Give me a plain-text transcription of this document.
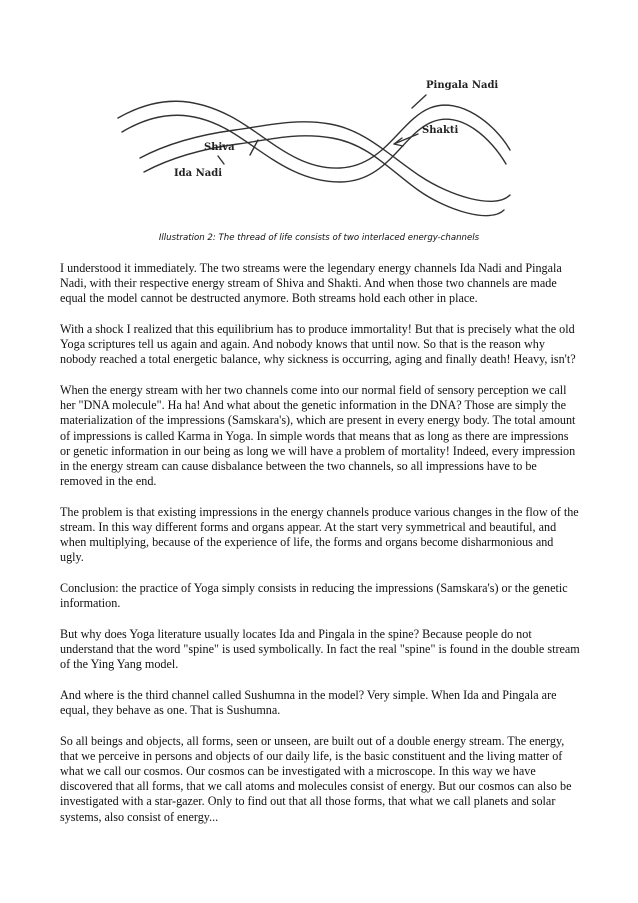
Pingala Nadi
Shakti
Shiva
Ida Nadi
Illustration 2: The thread of life consists of two interlaced energy-channels

I understood it immediately. The two streams were the legendary energy channels Ida Nadi and Pingala Nadi, with their respective energy stream of Shiva and Shakti. And when those two channels are made equal the model cannot be destructed anymore. Both streams hold each other in place.

With a shock I realized that this equilibrium has to produce immortality! But that is precisely what the old Yoga scriptures tell us again and again. And nobody knows that until now. So that is the reason why nobody reached a total energetic balance, why sickness is occurring, aging and finally death! Heavy, isn't?

When the energy stream with her two channels come into our normal field of sensory perception we call her "DNA molecule". Ha ha! And what about the genetic information in the DNA? Those are simply the materialization of the impressions (Samskara's), which are present in every energy body. The total amount of impressions is called Karma in Yoga. In simple words that means that as long as there are impressions or genetic information in our being as long we will have a problem of mortality! Indeed, every impression in the energy stream can cause disbalance between the two channels, so all impressions have to be removed in the end.

The problem is that existing impressions in the energy channels produce various changes in the flow of the stream. In this way different forms and organs appear. At the start very symmetrical and beautiful, and when multiplying, because of the experience of life, the forms and organs become disharmonious and ugly.

Conclusion: the practice of Yoga simply consists in reducing the impressions (Samskara's) or the genetic information.

But why does Yoga literature usually locates Ida and Pingala in the spine? Because people do not understand that the word "spine" is used symbolically. In fact the real "spine" is found in the double stream of the Ying Yang model.

And where is the third channel called Sushumna in the model? Very simple. When Ida and Pingala are equal, they behave as one. That is Sushumna.

So all beings and objects, all forms, seen or unseen, are built out of a double energy stream. The energy, that we perceive in persons and objects of our daily life, is the basic constituent and the living matter of what we call our cosmos. Our cosmos can be investigated with a microscope. In this way we have discovered that all forms, that we call atoms and molecules consist of energy. But our cosmos can also be investigated with a star-gazer. Only to find out that all those forms, that what we call planets and solar systems, also consist of energy...
